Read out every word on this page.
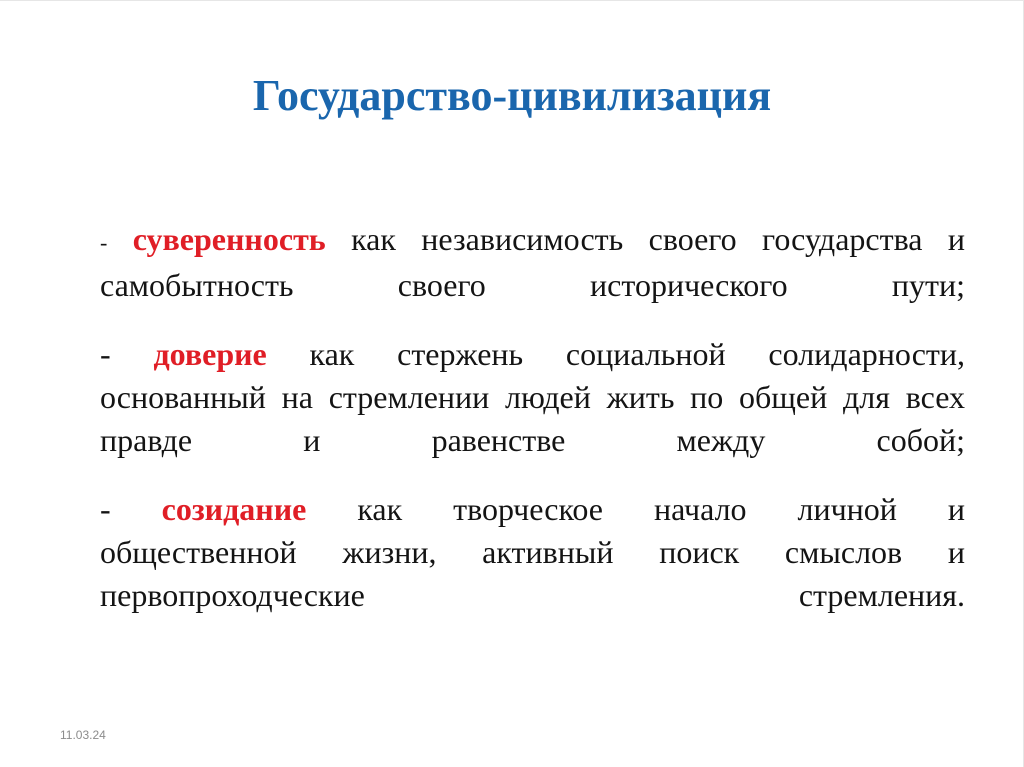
Государство-цивилизация

- суверенность как независимость своего государства и
самобытность своего исторического пути;

- доверие как стержень социальной солидарности,
основанный на стремлении людей жить по общей для всех
правде и равенстве между собой;

- созидание как творческое начало личной и
общественной жизни, активный поиск смыслов и
первопроходческие стремления.

11.03.24
